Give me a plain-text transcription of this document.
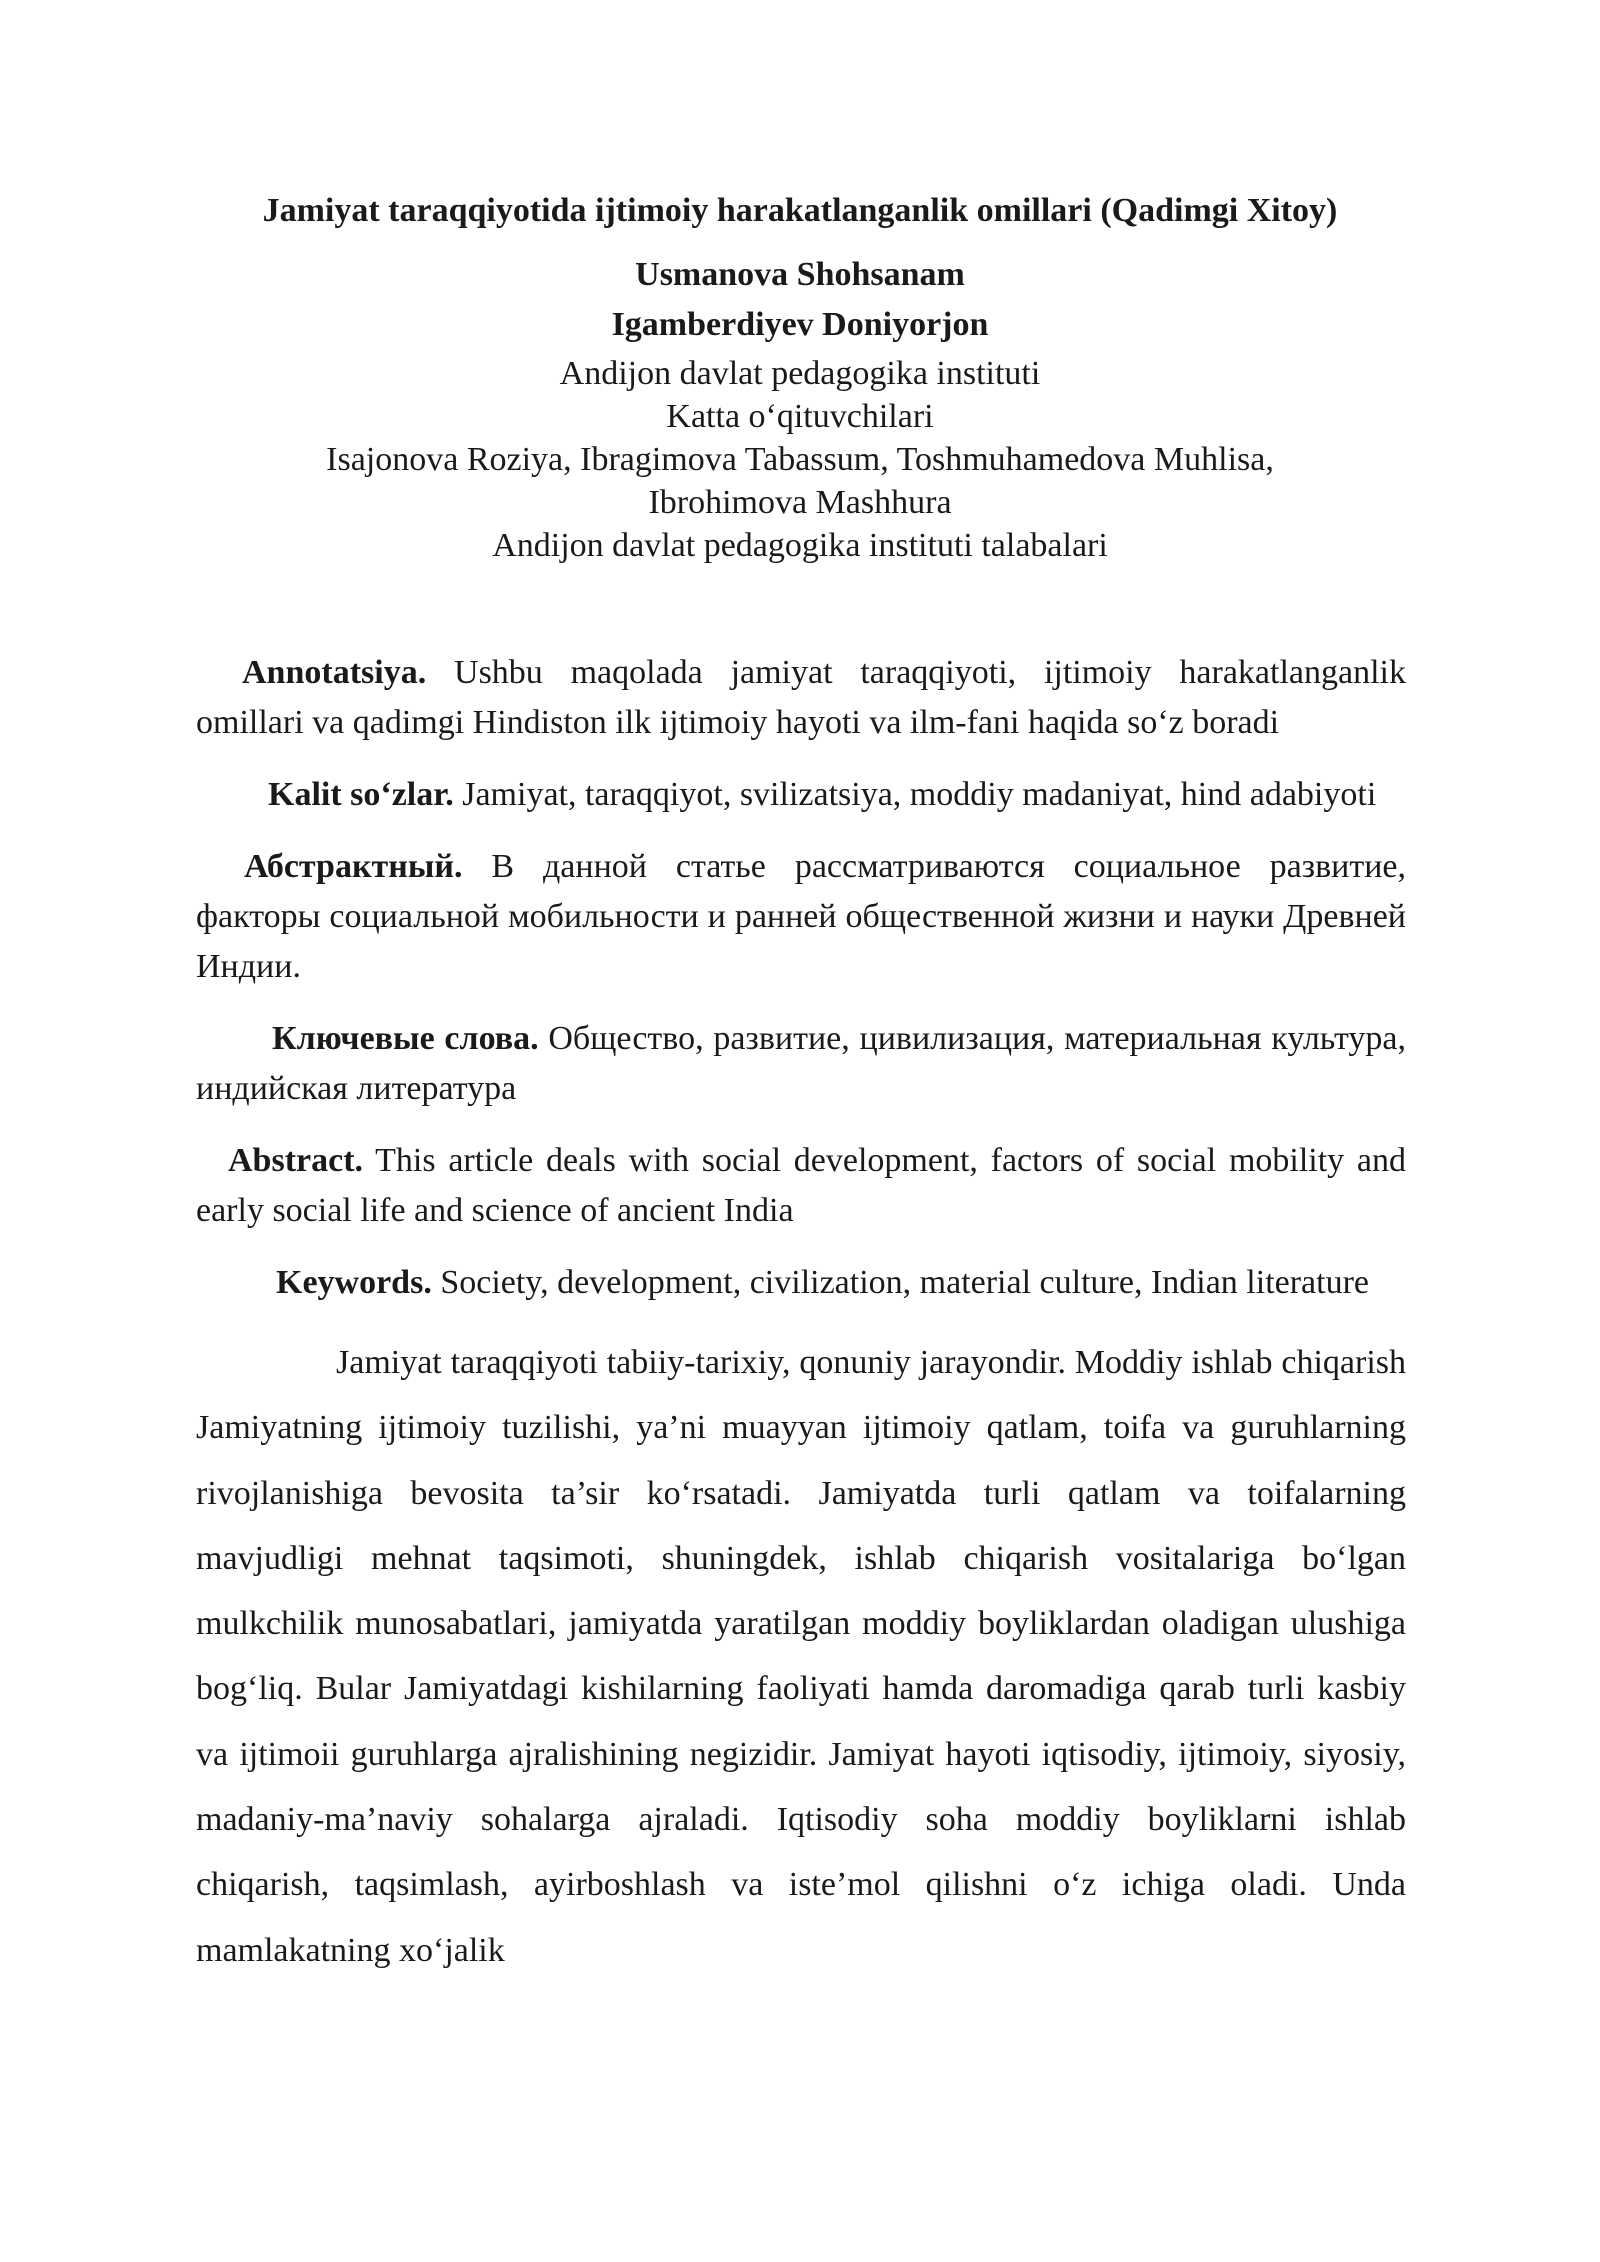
Jamiyat taraqqiyotida ijtimoiy harakatlanganlik omillari (Qadimgi Xitoy)

Usmanova Shohsanam

Igamberdiyev Doniyorjon

Andijon davlat pedagogika instituti

Katta o‘qituvchilari

Isajonova Roziya, Ibragimova Tabassum, Toshmuhamedova Muhlisa,

Ibrohimova Mashhura

Andijon davlat pedagogika instituti talabalari

Annotatsiya. Ushbu maqolada jamiyat taraqqiyoti, ijtimoiy harakatlanganlik omillari va qadimgi Hindiston ilk ijtimoiy hayoti va ilm-fani haqida so‘z boradi

Kalit so‘zlar. Jamiyat, taraqqiyot, svilizatsiya, moddiy madaniyat, hind adabiyoti

Абстрактный. В данной статье рассматриваются социальное развитие, факторы социальной мобильности и ранней общественной жизни и науки Древней Индии.

Ключевые слова. Общество, развитие, цивилизация, материальная культура, индийская литература

Abstract. This article deals with social development, factors of social mobility and early social life and science of ancient India

Keywords. Society, development, civilization, material culture, Indian literature

Jamiyat taraqqiyoti tabiiy-tarixiy, qonuniy jarayondir. Moddiy ishlab chiqarish Jamiyatning ijtimoiy tuzilishi, ya’ni muayyan ijtimoiy qatlam, toifa va guruhlarning rivojlanishiga bevosita ta’sir ko‘rsatadi. Jamiyatda turli qatlam va toifalarning mavjudligi mehnat taqsimoti, shuningdek, ishlab chiqarish vositalariga bo‘lgan mulkchilik munosabatlari, jamiyatda yaratilgan moddiy boyliklardan oladigan ulushiga bog‘liq. Bular Jamiyatdagi kishilarning faoliyati hamda daromadiga qarab turli kasbiy va ijtimoii guruhlarga ajralishining negizidir. Jamiyat hayoti iqtisodiy, ijtimoiy, siyosiy, madaniy-ma’naviy sohalarga ajraladi. Iqtisodiy soha moddiy boyliklarni ishlab chiqarish, taqsimlash, ayirboshlash va iste’mol qilishni o‘z ichiga oladi. Unda mamlakatning xo‘jalik
